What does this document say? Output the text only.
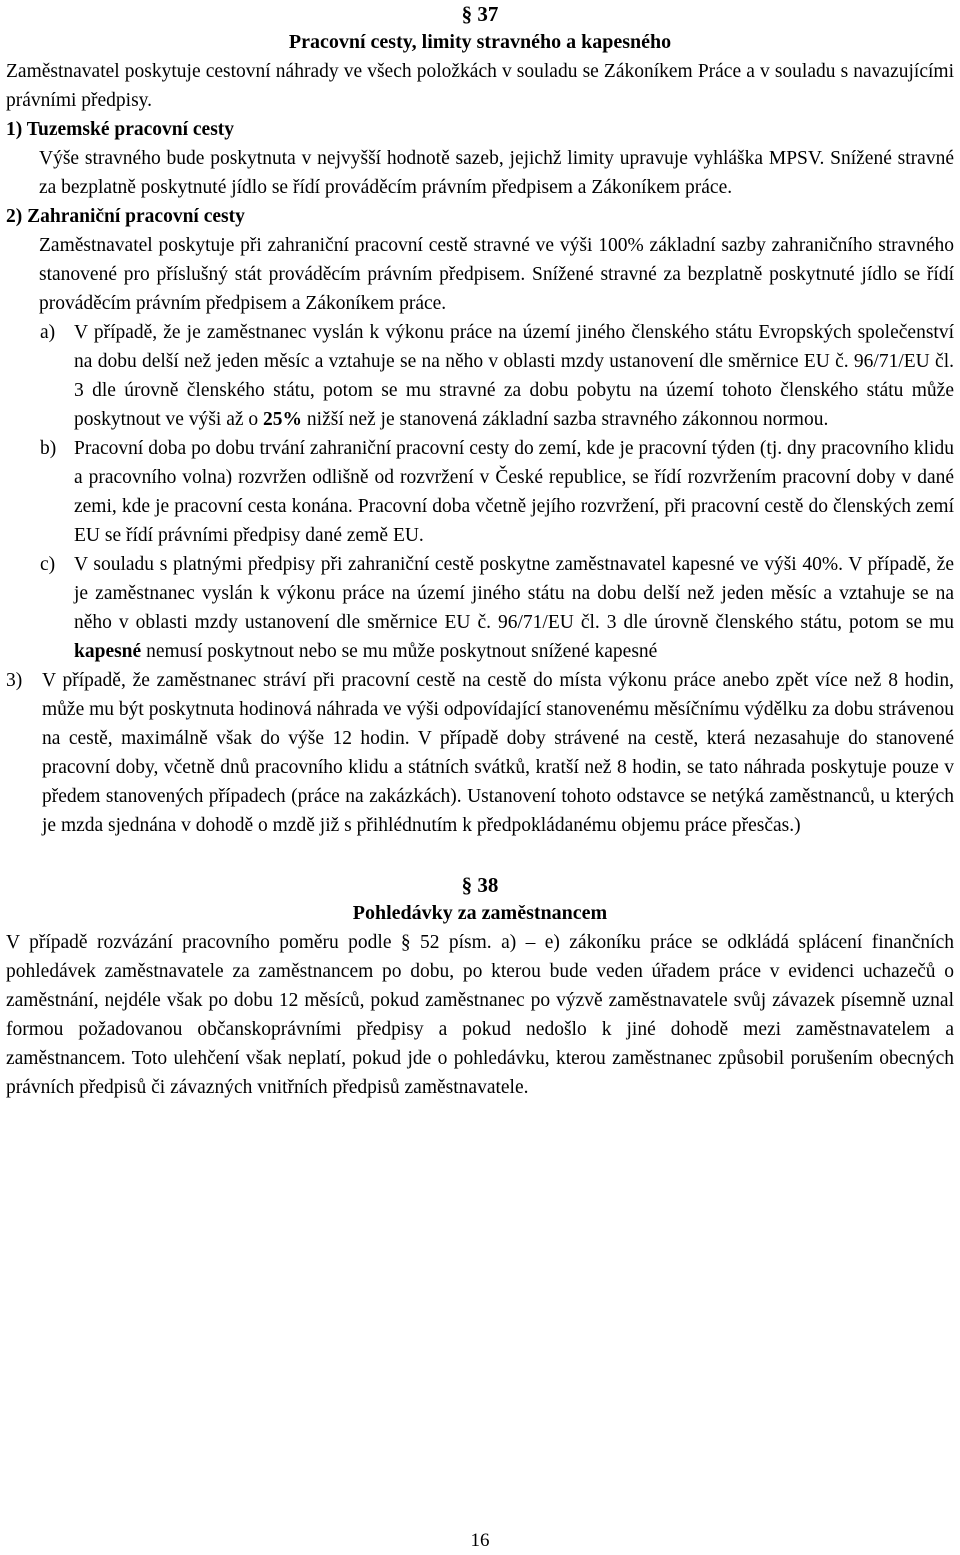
§ 37
Pracovní cesty, limity stravného a kapesného

Zaměstnavatel poskytuje cestovní náhrady ve všech položkách v souladu se Zákoníkem Práce a v souladu s navazujícími právními předpisy.

1) Tuzemské pracovní cesty

Výše stravného bude poskytnuta v nejvyšší hodnotě sazeb, jejichž limity upravuje vyhláška MPSV. Snížené stravné za bezplatně poskytnuté jídlo se řídí prováděcím právním předpisem a Zákoníkem práce.

2) Zahraniční pracovní cesty

Zaměstnavatel poskytuje při zahraniční pracovní cestě stravné ve výši 100% základní sazby zahraničního stravného stanovené pro příslušný stát prováděcím právním předpisem. Snížené stravné za bezplatně poskytnuté jídlo se řídí prováděcím právním předpisem a Zákoníkem práce.

a) V případě, že je zaměstnanec vyslán k výkonu práce na území jiného členského státu Evropských společenství na dobu delší než jeden měsíc a vztahuje se na něho v oblasti mzdy ustanovení dle směrnice EU č. 96/71/EU čl. 3 dle úrovně členského státu, potom se mu stravné za dobu pobytu na území tohoto členského státu může poskytnout ve výši až o 25% nižší než je stanovená základní sazba stravného zákonnou normou.
b) Pracovní doba po dobu trvání zahraniční pracovní cesty do zemí, kde je pracovní týden (tj. dny pracovního klidu a pracovního volna) rozvržen odlišně od rozvržení v České republice, se řídí rozvržením pracovní doby v dané zemi, kde je pracovní cesta konána. Pracovní doba včetně jejího rozvržení, při pracovní cestě do členských zemí EU se řídí právními předpisy dané země EU.
c) V souladu s platnými předpisy při zahraniční cestě poskytne zaměstnavatel kapesné ve výši 40%. V případě, že je zaměstnanec vyslán k výkonu práce na území jiného státu na dobu delší než jeden měsíc a vztahuje se na něho v oblasti mzdy ustanovení dle směrnice EU č. 96/71/EU čl. 3 dle úrovně členského státu, potom se mu kapesné nemusí poskytnout nebo se mu může poskytnout snížené kapesné
3)	V případě, že zaměstnanec stráví při pracovní cestě na cestě do místa výkonu práce anebo zpět více než 8 hodin, může mu být poskytnuta hodinová náhrada ve výši odpovídající stanovenému měsíčnímu výdělku za dobu strávenou na cestě, maximálně však do výše 12 hodin. V případě doby strávené na cestě, která nezasahuje do stanovené pracovní doby, včetně dnů pracovního klidu a státních svátků, kratší než 8 hodin, se tato náhrada poskytuje pouze v předem stanovených případech (práce na zakázkách). Ustanovení tohoto odstavce se netýká zaměstnanců, u kterých je mzda sjednána v dohodě o mzdě již s přihlédnutím k předpokládanému objemu práce přesčas.)
§ 38
Pohledávky za zaměstnancem

V případě rozvázání pracovního poměru podle § 52 písm. a) – e) zákoníku práce se odkládá splácení finančních pohledávek zaměstnavatele za zaměstnancem po dobu, po kterou bude veden úřadem práce v evidenci uchazečů o zaměstnání, nejdéle však po dobu 12 měsíců, pokud zaměstnanec po výzvě zaměstnavatele svůj závazek písemně uznal formou požadovanou občanskoprávními předpisy a pokud nedošlo k jiné dohodě mezi zaměstnavatelem a zaměstnancem. Toto ulehčení však neplatí, pokud jde o pohledávku, kterou zaměstnanec způsobil porušením obecných právních předpisů či závazných vnitřních předpisů zaměstnavatele.

16
